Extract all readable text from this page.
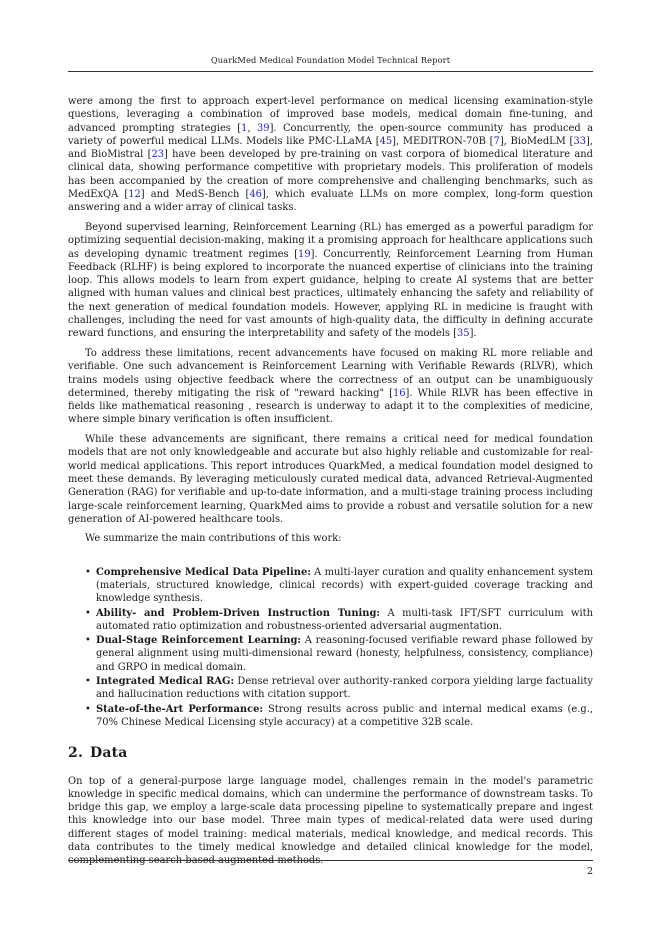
QuarkMed Medical Foundation Model Technical Report

were among the first to approach expert-level performance on medical licensing examination-style questions, leveraging a combination of improved base models, medical domain fine-tuning, and advanced prompting strategies [1, 39]. Concurrently, the open-source community has produced a variety of powerful medical LLMs. Models like PMC-LLaMA [45], MEDITRON-70B [7], BioMedLM [33], and BioMistral [23] have been developed by pre-training on vast corpora of biomedical literature and clinical data, showing performance competitive with proprietary models. This proliferation of models has been accompanied by the creation of more comprehensive and challenging benchmarks, such as MedExQA [12] and MedS-Bench [46], which evaluate LLMs on more complex, long-form question answering and a wider array of clinical tasks.

Beyond supervised learning, Reinforcement Learning (RL) has emerged as a powerful paradigm for optimizing sequential decision-making, making it a promising approach for healthcare applications such as developing dynamic treatment regimes [19]. Concurrently, Reinforcement Learning from Human Feedback (RLHF) is being explored to incorporate the nuanced expertise of clinicians into the training loop. This allows models to learn from expert guidance, helping to create AI systems that are better aligned with human values and clinical best practices, ultimately enhancing the safety and reliability of the next generation of medical foundation models. However, applying RL in medicine is fraught with challenges, including the need for vast amounts of high-quality data, the difficulty in defining accurate reward functions, and ensuring the interpretability and safety of the models [35].

To address these limitations, recent advancements have focused on making RL more reliable and verifiable. One such advancement is Reinforcement Learning with Verifiable Rewards (RLVR), which trains models using objective feedback where the correctness of an output can be unambiguously determined, thereby mitigating the risk of "reward hacking" [16]. While RLVR has been effective in fields like mathematical reasoning , research is underway to adapt it to the complexities of medicine, where simple binary verification is often insufficient.

While these advancements are significant, there remains a critical need for medical foundation models that are not only knowledgeable and accurate but also highly reliable and customizable for real-world medical applications. This report introduces QuarkMed, a medical foundation model designed to meet these demands. By leveraging meticulously curated medical data, advanced Retrieval-Augmented Generation (RAG) for verifiable and up-to-date information, and a multi-stage training process including large-scale reinforcement learning, QuarkMed aims to provide a robust and versatile solution for a new generation of AI-powered healthcare tools.

We summarize the main contributions of this work:

• Comprehensive Medical Data Pipeline: A multi-layer curation and quality enhancement system (materials, structured knowledge, clinical records) with expert-guided coverage tracking and knowledge synthesis.
• Ability- and Problem-Driven Instruction Tuning: A multi-task IFT/SFT curriculum with automated ratio optimization and robustness-oriented adversarial augmentation.
• Dual-Stage Reinforcement Learning: A reasoning-focused verifiable reward phase followed by general alignment using multi-dimensional reward (honesty, helpfulness, consistency, compliance) and GRPO in medical domain.
• Integrated Medical RAG: Dense retrieval over authority-ranked corpora yielding large factuality and hallucination reductions with citation support.
• State-of-the-Art Performance: Strong results across public and internal medical exams (e.g., 70% Chinese Medical Licensing style accuracy) at a competitive 32B scale.
2. Data

On top of a general-purpose large language model, challenges remain in the model's parametric knowledge in specific medical domains, which can undermine the performance of downstream tasks. To bridge this gap, we employ a large-scale data processing pipeline to systematically prepare and ingest this knowledge into our base model. Three main types of medical-related data were used during different stages of model training: medical materials, medical knowledge, and medical records. This data contributes to the timely medical knowledge and detailed clinical knowledge for the model, complementing search-based augmented methods.

2
